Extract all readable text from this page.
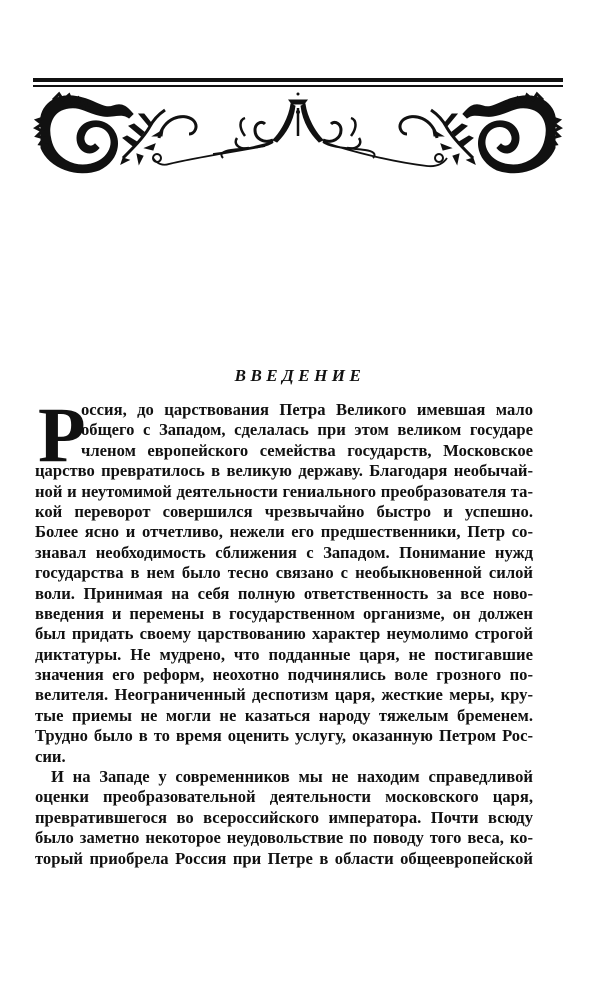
ВВЕДЕНИЕ
Р
оссия, до царствования Петра Великого имевшая мало
общего с Западом, сделалась при этом великом государе
членом европейского семейства государств, Московское
царство превратилось в великую державу. Благодаря необычай-
ной и неутомимой деятельности гениального преобразователя та-
кой переворот совершился чрезвычайно быстро и успешно.
Более ясно и отчетливо, нежели его предшественники, Петр со-
знавал необходимость сближения с Западом. Понимание нужд
государства в нем было тесно связано с необыкновенной силой
воли. Принимая на себя полную ответственность за все ново-
введения и перемены в государственном организме, он должен
был придать своему царствованию характер неумолимо строгой
диктатуры. Не мудрено, что подданные царя, не постигавшие
значения его реформ, неохотно подчинялись воле грозного по-
велителя. Неограниченный деспотизм царя, жесткие меры, кру-
тые приемы не могли не казаться народу тяжелым бременем.
Трудно было в то время оценить услугу, оказанную Петром Рос-
сии.
И на Западе у современников мы не находим справедливой
оценки преобразовательной деятельности московского царя,
превратившегося во всероссийского императора. Почти всюду
было заметно некоторое неудовольствие по поводу того веса, ко-
торый приобрела Россия при Петре в области общеевропейской
